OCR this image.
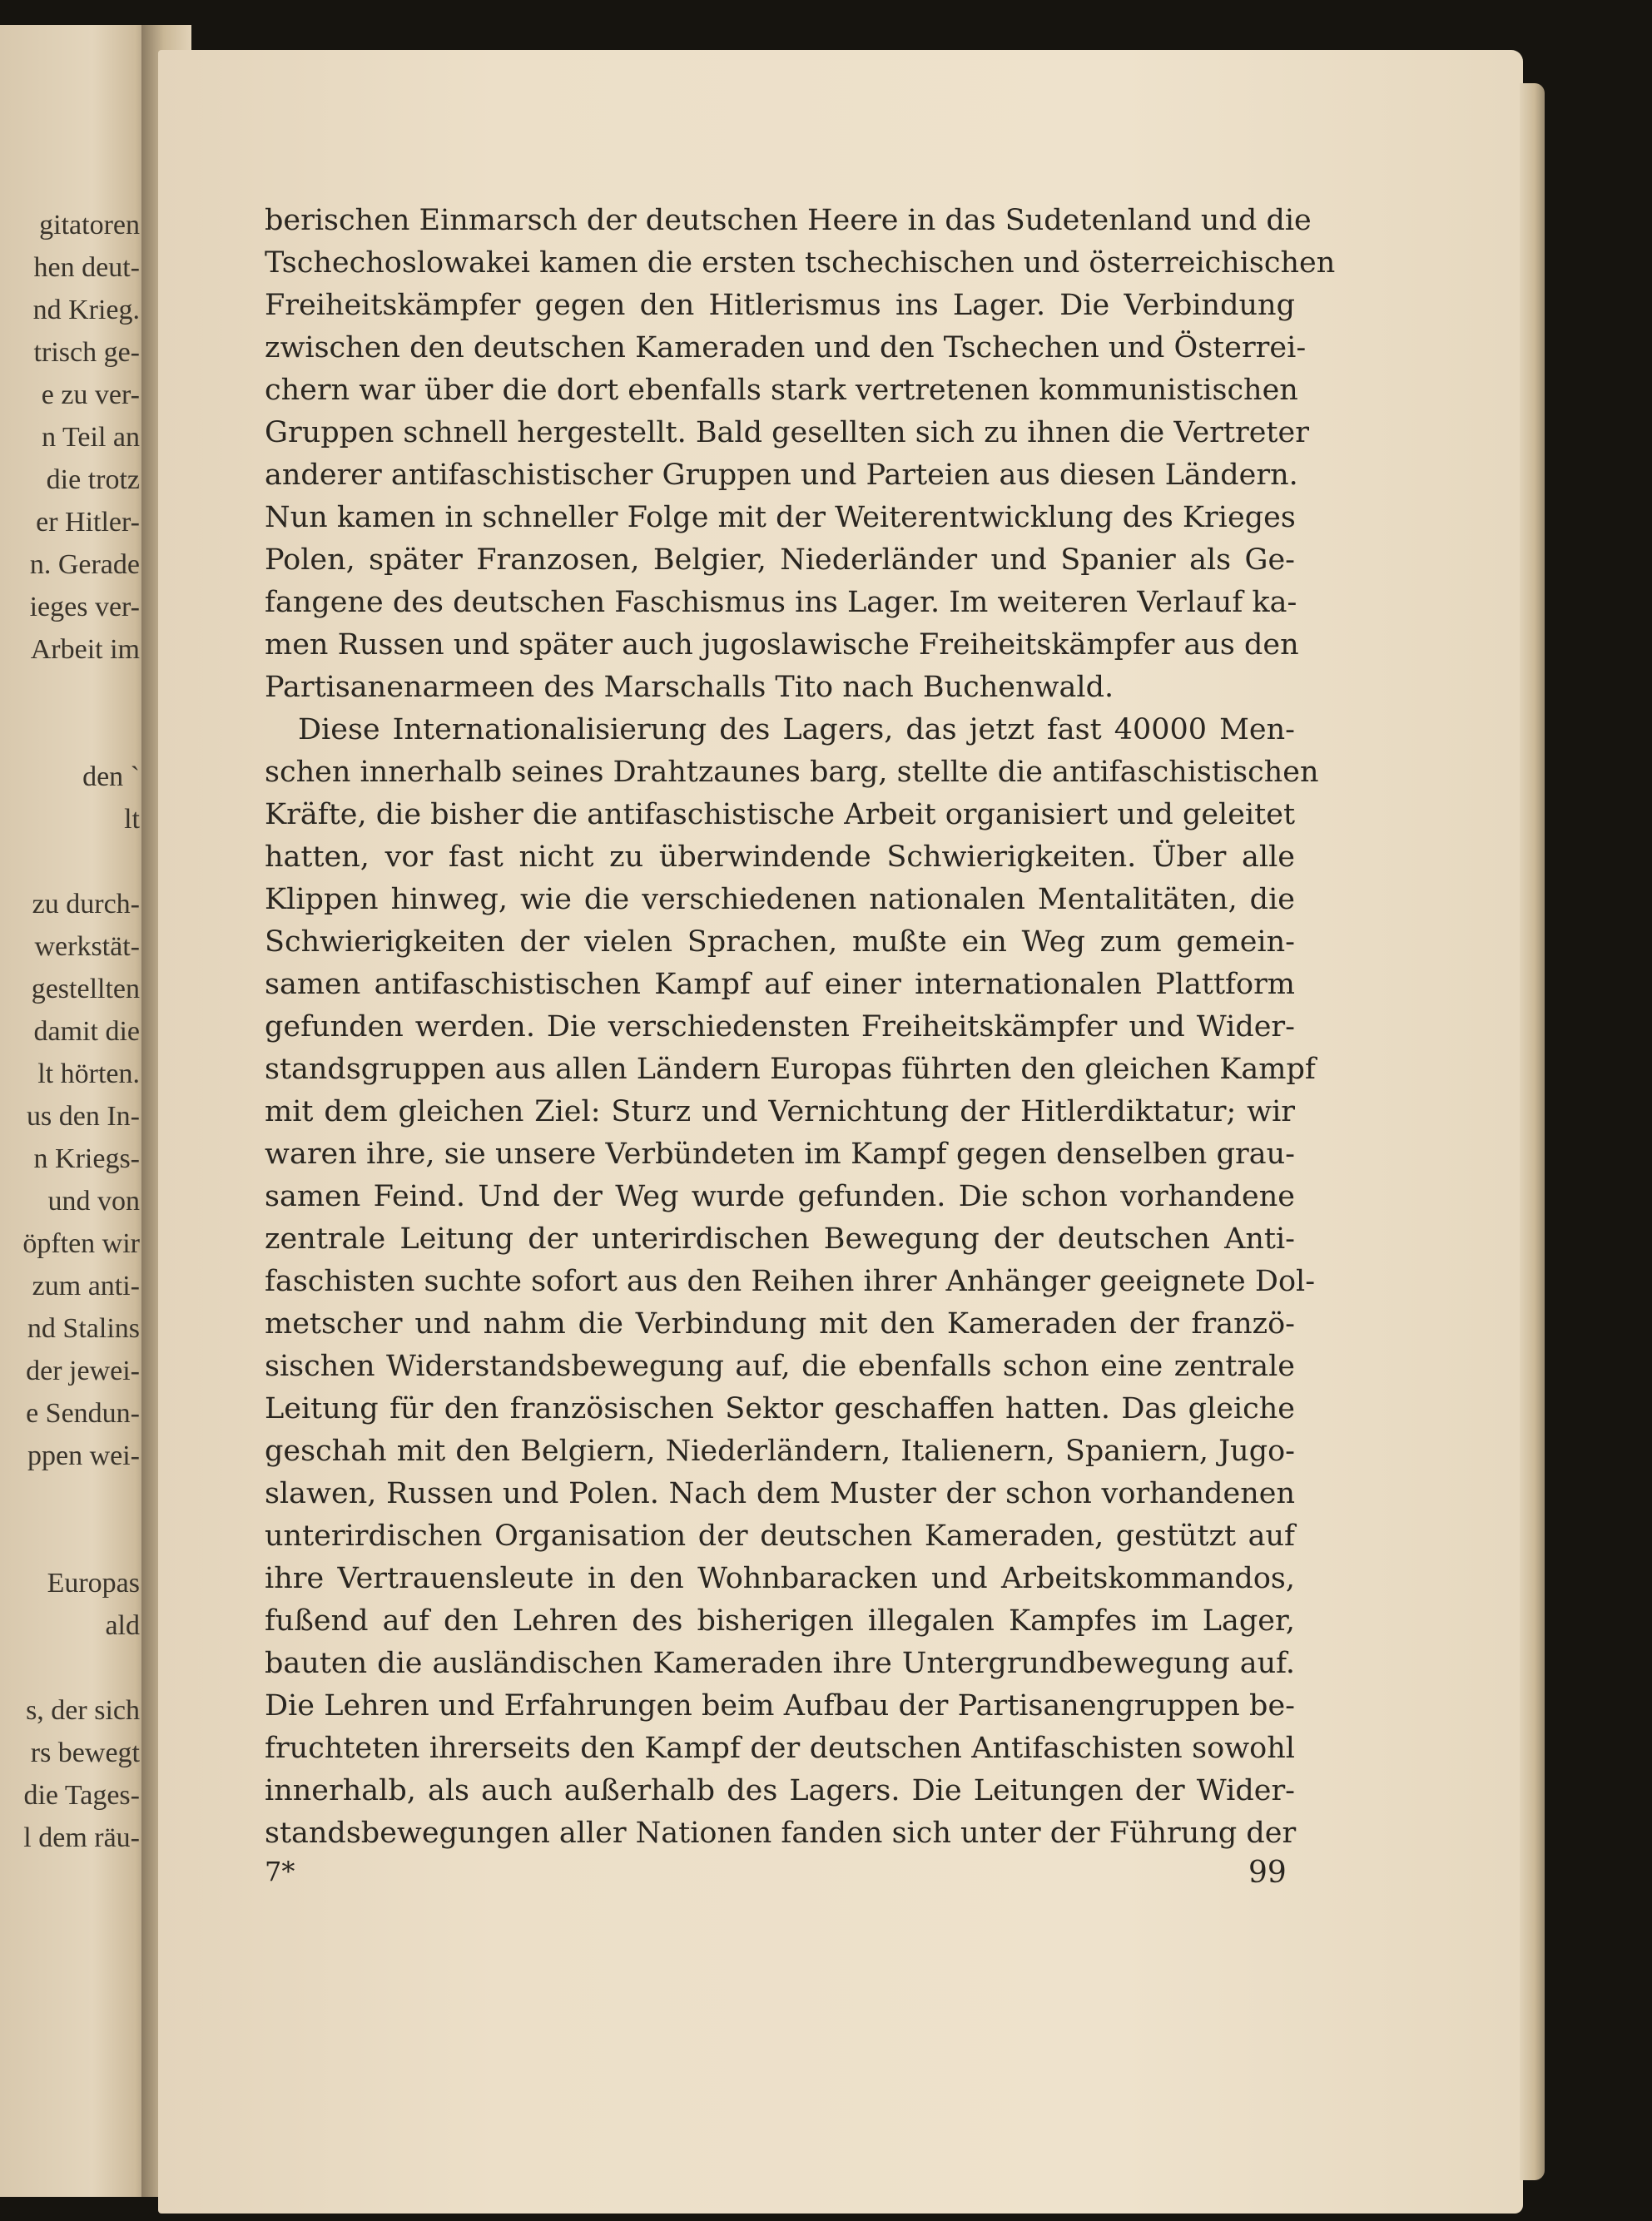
gitatoren
hen deut-
nd Krieg.
trisch ge-
e zu ver-
n Teil an
die trotz
er Hitler-
n. Gerade
ieges ver-
Arbeit im
den `
lt
zu durch-
werkstät-
gestellten
damit die
lt hörten.
us den In-
n Kriegs-
und von
öpften wir
zum anti-
nd Stalins
der jewei-
e Sendun-
ppen wei-
Europas
ald
s, der sich
rs bewegt
die Tages-
l dem räu-
berischen Einmarsch der deutschen Heere in das Sudetenland und die
Tschechoslowakei kamen die ersten tschechischen und österreichischen
Freiheitskämpfer gegen den Hitlerismus ins Lager. Die Verbindung
zwischen den deutschen Kameraden und den Tschechen und Österrei-
chern war über die dort ebenfalls stark vertretenen kommunistischen
Gruppen schnell hergestellt. Bald gesellten sich zu ihnen die Vertreter
anderer antifaschistischer Gruppen und Parteien aus diesen Ländern.
Nun kamen in schneller Folge mit der Weiterentwicklung des Krieges
Polen, später Franzosen, Belgier, Niederländer und Spanier als Ge-
fangene des deutschen Faschismus ins Lager. Im weiteren Verlauf ka-
men Russen und später auch jugoslawische Freiheitskämpfer aus den
Partisanenarmeen des Marschalls Tito nach Buchenwald.
Diese Internationalisierung des Lagers, das jetzt fast 40000 Men-
schen innerhalb seines Drahtzaunes barg, stellte die antifaschistischen
Kräfte, die bisher die antifaschistische Arbeit organisiert und geleitet
hatten, vor fast nicht zu überwindende Schwierigkeiten. Über alle
Klippen hinweg, wie die verschiedenen nationalen Mentalitäten, die
Schwierigkeiten der vielen Sprachen, mußte ein Weg zum gemein-
samen antifaschistischen Kampf auf einer internationalen Plattform
gefunden werden. Die verschiedensten Freiheitskämpfer und Wider-
standsgruppen aus allen Ländern Europas führten den gleichen Kampf
mit dem gleichen Ziel: Sturz und Vernichtung der Hitlerdiktatur; wir
waren ihre, sie unsere Verbündeten im Kampf gegen denselben grau-
samen Feind. Und der Weg wurde gefunden. Die schon vorhandene
zentrale Leitung der unterirdischen Bewegung der deutschen Anti-
faschisten suchte sofort aus den Reihen ihrer Anhänger geeignete Dol-
metscher und nahm die Verbindung mit den Kameraden der franzö-
sischen Widerstandsbewegung auf, die ebenfalls schon eine zentrale
Leitung für den französischen Sektor geschaffen hatten. Das gleiche
geschah mit den Belgiern, Niederländern, Italienern, Spaniern, Jugo-
slawen, Russen und Polen. Nach dem Muster der schon vorhandenen
unterirdischen Organisation der deutschen Kameraden, gestützt auf
ihre Vertrauensleute in den Wohnbaracken und Arbeitskommandos,
fußend auf den Lehren des bisherigen illegalen Kampfes im Lager,
bauten die ausländischen Kameraden ihre Untergrundbewegung auf.
Die Lehren und Erfahrungen beim Aufbau der Partisanengruppen be-
fruchteten ihrerseits den Kampf der deutschen Antifaschisten sowohl
innerhalb, als auch außerhalb des Lagers. Die Leitungen der Wider-
standsbewegungen aller Nationen fanden sich unter der Führung der
7*	99
